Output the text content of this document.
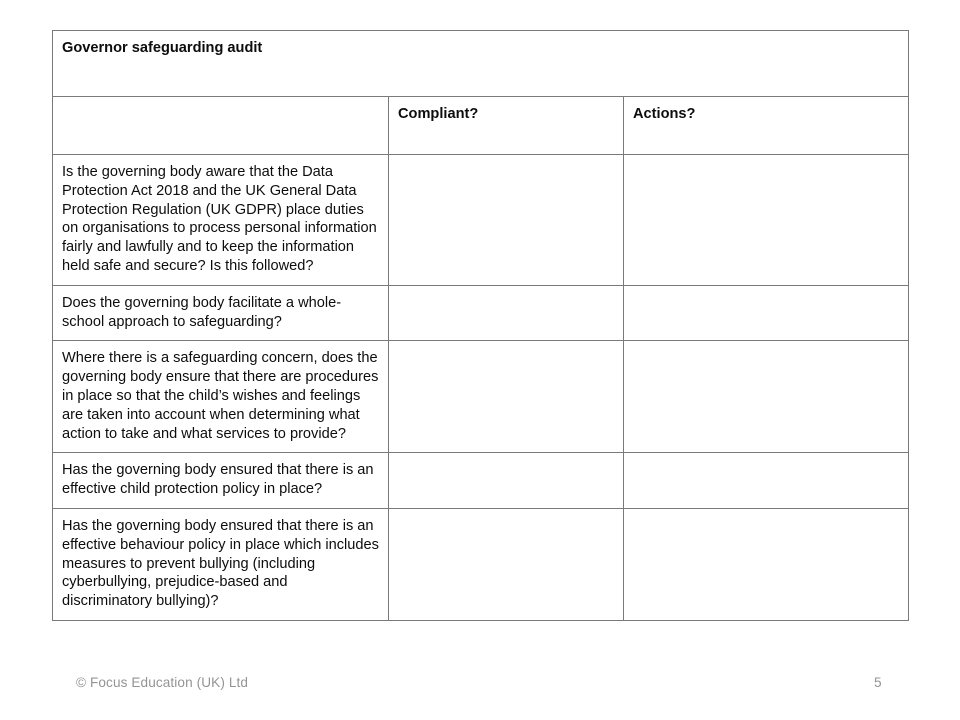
Governor safeguarding audit		
	Compliant?	Actions?
Is the governing body aware that the Data Protection Act 2018 and the UK General Data Protection Regulation (UK GDPR) place duties on organisations to process personal information fairly and lawfully and to keep the information held safe and secure? Is this followed?		
Does the governing body facilitate a whole-school approach to safeguarding?		
Where there is a safeguarding concern, does the governing body ensure that there are procedures in place so that the child’s wishes and feelings are taken into account when determining what action to take and what services to provide?		
Has the governing body ensured that there is an effective child protection policy in place?		
Has the governing body ensured that there is an effective behaviour policy in place which includes measures to prevent bullying (including cyberbullying, prejudice-based and discriminatory bullying)?		
© Focus Education (UK) Ltd	5
